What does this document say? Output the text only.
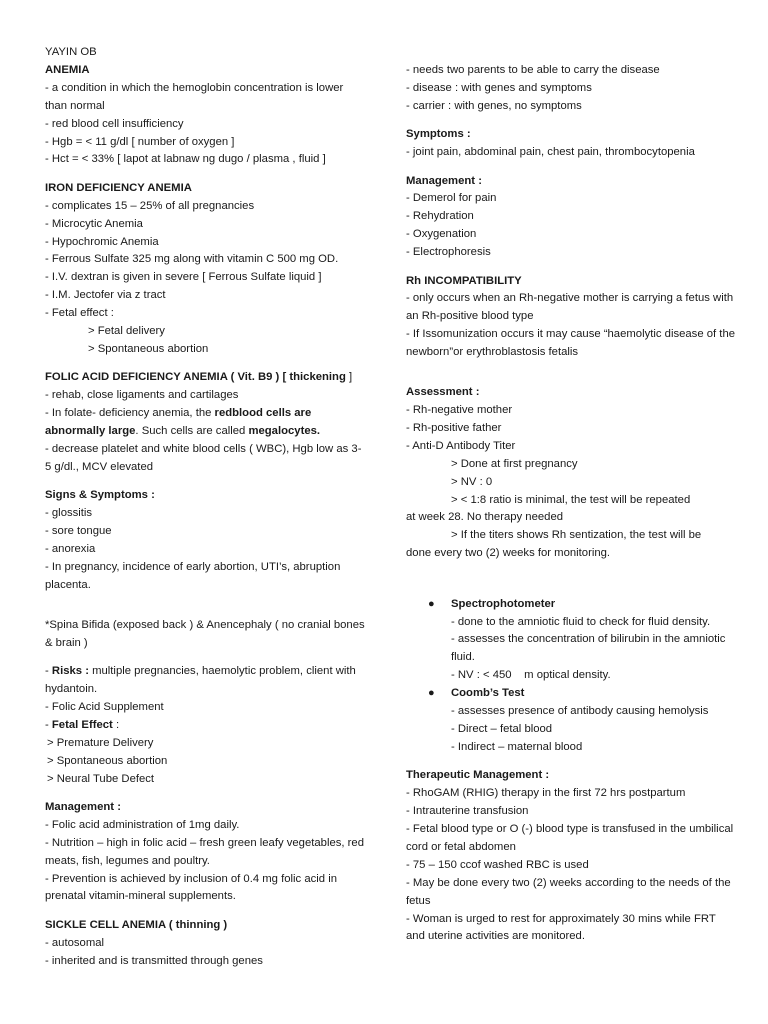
YAYIN OB
ANEMIA
- a condition in which the hemoglobin concentration is lower than normal
- red blood cell insufficiency
- Hgb = < 11 g/dl [ number of oxygen ]
- Hct = < 33% [ lapot at labnaw ng dugo / plasma , fluid ]
IRON DEFICIENCY ANEMIA
- complicates 15 – 25% of all pregnancies
- Microcytic Anemia
- Hypochromic Anemia
- Ferrous Sulfate 325 mg along with vitamin C 500 mg OD.
- I.V. dextran is given in severe [ Ferrous Sulfate liquid ]
- I.M. Jectofer via z tract
- Fetal effect :
> Fetal delivery
> Spontaneous abortion
FOLIC ACID DEFICIENCY ANEMIA ( Vit. B9 ) [ thickening ]
- rehab, close ligaments and cartilages
- In folate- deficiency anemia, the redblood cells are abnormally large. Such cells are called megalocytes.
- decrease platelet and white blood cells ( WBC), Hgb low as 3-5 g/dl., MCV elevated
Signs & Symptoms :
- glossitis
- sore tongue
- anorexia
- In pregnancy, incidence of early abortion, UTI’s, abruption placenta.
*Spina Bifida (exposed back ) & Anencephaly ( no cranial bones & brain )
- Risks : multiple pregnancies, haemolytic problem, client with hydantoin.
- Folic Acid Supplement
- Fetal Effect :
> Premature Delivery
> Spontaneous abortion
> Neural Tube Defect
Management :
- Folic acid administration of 1mg daily.
- Nutrition – high in folic acid – fresh green leafy vegetables, red meats, fish, legumes and poultry.
- Prevention is achieved by inclusion of 0.4 mg folic acid in prenatal vitamin-mineral supplements.
SICKLE CELL ANEMIA ( thinning )
- autosomal
- inherited and is transmitted through genes
- needs two parents to be able to carry the disease
- disease : with genes and symptoms
- carrier : with genes, no symptoms
Symptoms :
- joint pain, abdominal pain, chest pain, thrombocytopenia
Management :
- Demerol for pain
- Rehydration
- Oxygenation
- Electrophoresis
Rh INCOMPATIBILITY
- only occurs when an Rh-negative mother is carrying a fetus with an Rh-positive blood type
- If Issomunization occurs it may cause “haemolytic disease of the newborn”or erythroblastosis fetalis
Assessment :
- Rh-negative mother
- Rh-positive father
- Anti-D Antibody Titer
> Done at first pregnancy
> NV : 0
> < 1:8 ratio is minimal, the test will be repeated
at week 28. No therapy needed
> If the titers shows Rh sentization, the test will be
done every two (2) weeks for monitoring.
● Spectrophotometer
- done to the amniotic fluid to check for fluid density.
- assesses the concentration of bilirubin in the amniotic fluid.
- NV : < 450    m optical density.
● Coomb’s Test
- assesses presence of antibody causing hemolysis
- Direct – fetal blood
- Indirect – maternal blood
Therapeutic Management :
- RhoGAM (RHIG) therapy in the first 72 hrs postpartum
- Intrauterine transfusion
- Fetal blood type or O (-) blood type is transfused in the umbilical cord or fetal abdomen
- 75 – 150 ccof washed RBC is used
- May be done every two (2) weeks according to the needs of the fetus
- Woman is urged to rest for approximately 30 mins while FRT and uterine activities are monitored.
